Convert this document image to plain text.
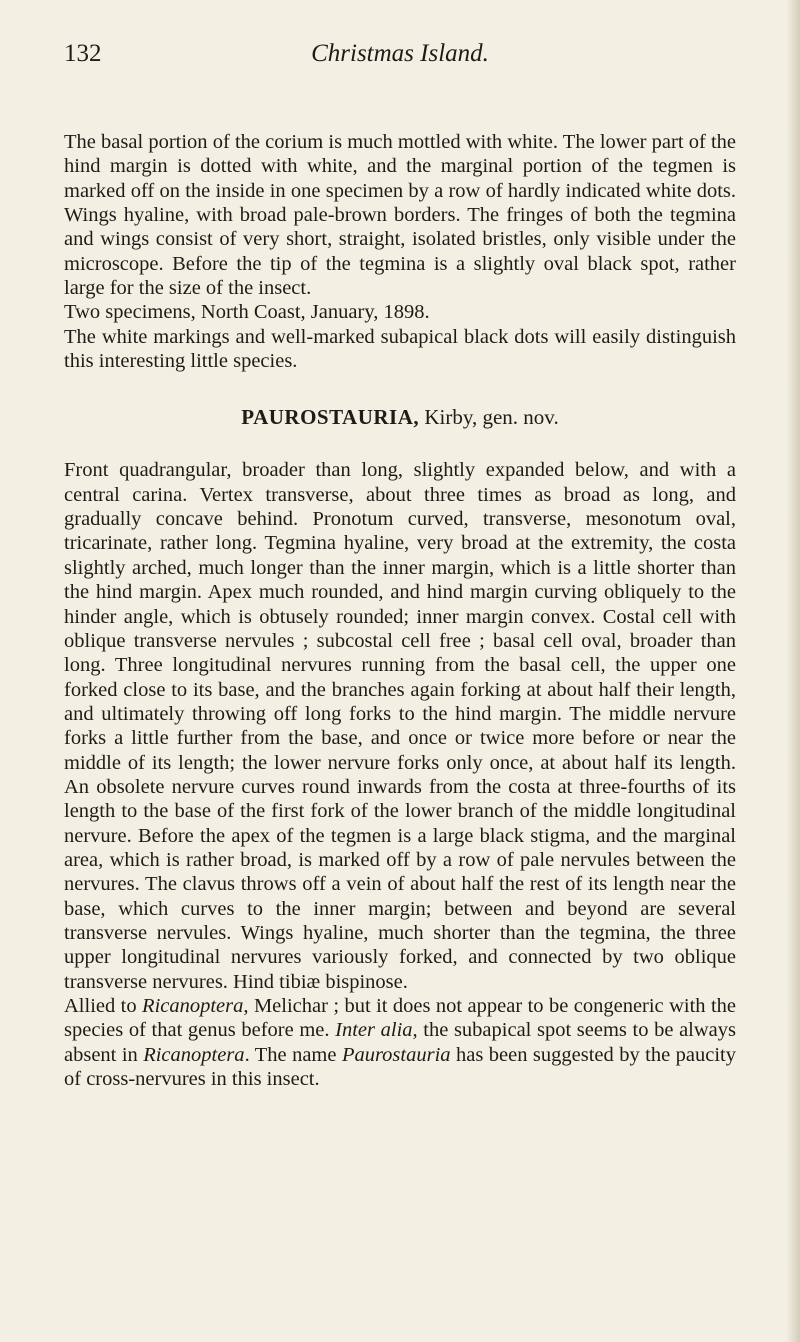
132	Christmas Island.

The basal portion of the corium is much mottled with white. The lower part of the hind margin is dotted with white, and the marginal portion of the tegmen is marked off on the inside in one specimen by a row of hardly indicated white dots. Wings hyaline, with broad pale-brown borders. The fringes of both the tegmina and wings consist of very short, straight, isolated bristles, only visible under the microscope. Before the tip of the tegmina is a slightly oval black spot, rather large for the size of the insect.

Two specimens, North Coast, January, 1898.

The white markings and well-marked subapical black dots will easily distinguish this interesting little species.

PAUROSTAURIA, Kirby, gen. nov.

Front quadrangular, broader than long, slightly expanded below, and with a central carina. Vertex transverse, about three times as broad as long, and gradually concave behind. Pronotum curved, transverse, mesonotum oval, tricarinate, rather long. Tegmina hyaline, very broad at the extremity, the costa slightly arched, much longer than the inner margin, which is a little shorter than the hind margin. Apex much rounded, and hind margin curving obliquely to the hinder angle, which is obtusely rounded; inner margin convex. Costal cell with oblique transverse nervules ; subcostal cell free ; basal cell oval, broader than long. Three longitudinal nervures running from the basal cell, the upper one forked close to its base, and the branches again forking at about half their length, and ultimately throwing off long forks to the hind margin. The middle nervure forks a little further from the base, and once or twice more before or near the middle of its length; the lower nervure forks only once, at about half its length. An obsolete nervure curves round inwards from the costa at three-fourths of its length to the base of the first fork of the lower branch of the middle longitudinal nervure. Before the apex of the tegmen is a large black stigma, and the marginal area, which is rather broad, is marked off by a row of pale nervules between the nervures. The clavus throws off a vein of about half the rest of its length near the base, which curves to the inner margin; between and beyond are several transverse nervules. Wings hyaline, much shorter than the tegmina, the three upper longitudinal nervures variously forked, and connected by two oblique transverse nervures. Hind tibiæ bispinose.

Allied to Ricanoptera, Melichar ; but it does not appear to be congeneric with the species of that genus before me. Inter alia, the subapical spot seems to be always absent in Ricanoptera. The name Paurostauria has been suggested by the paucity of cross-nervures in this insect.
